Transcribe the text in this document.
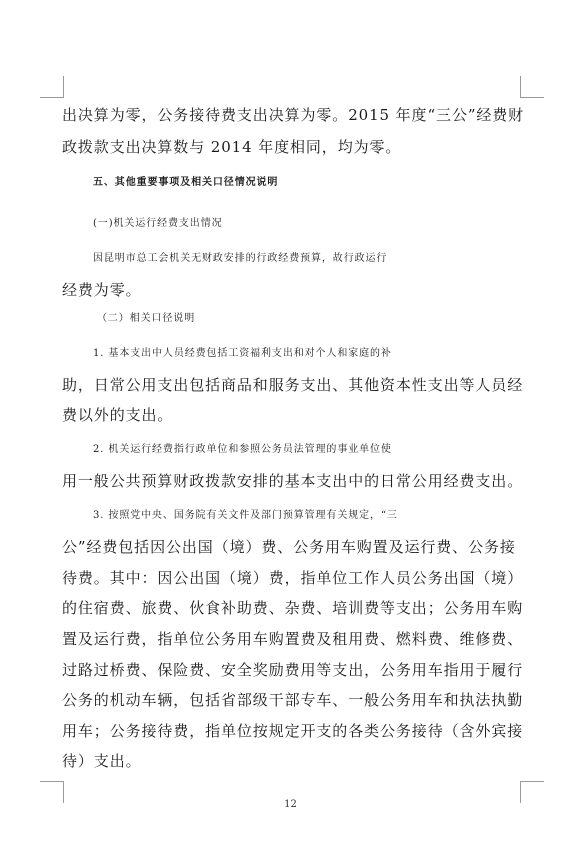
出决算为零，公务接待费支出决算为零。2015 年度“三公”经费财
政拨款支出决算数与 2014 年度相同，均为零。
五、其他重要事项及相关口径情况说明
(一)机关运行经费支出情况
因昆明市总工会机关无财政安排的行政经费预算，故行政运行
经费为零。
（二）相关口径说明
1. 基本支出中人员经费包括工资福利支出和对个人和家庭的补
助，日常公用支出包括商品和服务支出、其他资本性支出等人员经
费以外的支出。
2. 机关运行经费指行政单位和参照公务员法管理的事业单位使
用一般公共预算财政拨款安排的基本支出中的日常公用经费支出。
3. 按照党中央、国务院有关文件及部门预算管理有关规定，“三
公”经费包括因公出国（境）费、公务用车购置及运行费、公务接
待费。其中：因公出国（境）费，指单位工作人员公务出国（境）
的住宿费、旅费、伙食补助费、杂费、培训费等支出；公务用车购
置及运行费，指单位公务用车购置费及租用费、燃料费、维修费、
过路过桥费、保险费、安全奖励费用等支出，公务用车指用于履行
公务的机动车辆，包括省部级干部专车、一般公务用车和执法执勤
用车；公务接待费，指单位按规定开支的各类公务接待（含外宾接
待）支出。
12
